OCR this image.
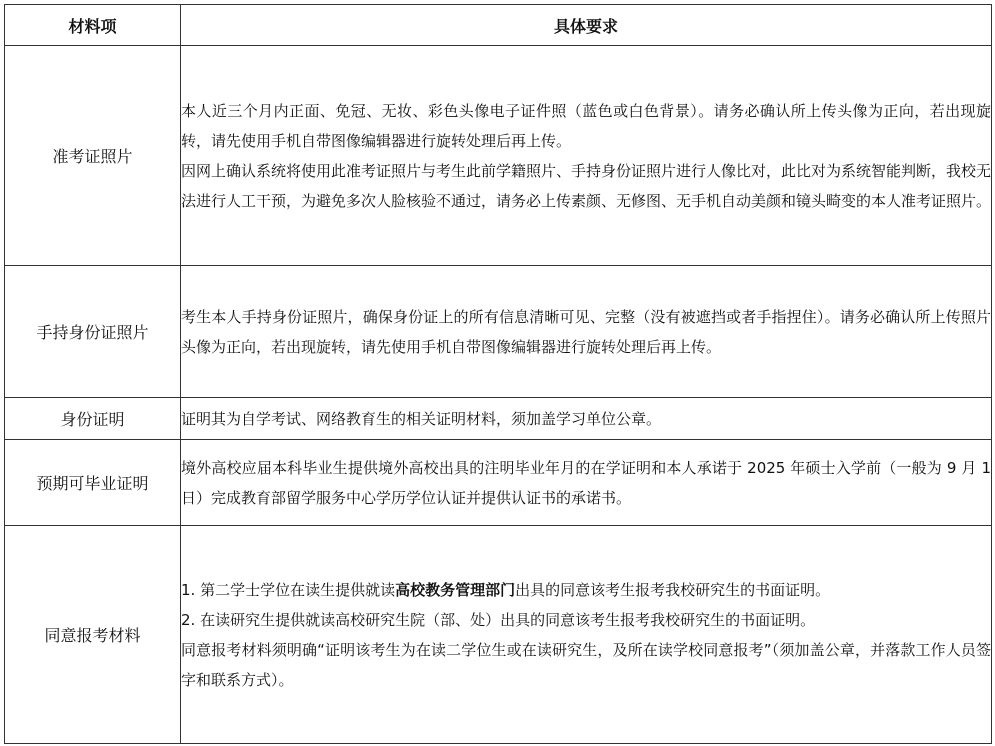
材料项	具体要求
准考证照片	本人近三个月内正面、免冠、无妆、彩色头像电子证件照（蓝色或白色背景）。请务必确认所上传头像为正向，若出现旋转，请先使用手机自带图像编辑器进行旋转处理后再上传。

因网上确认系统将使用此准考证照片与考生此前学籍照片、手持身份证照片进行人像比对，此比对为系统智能判断，我校无法进行人工干预，为避免多次人脸核验不通过，请务必上传素颜、无修图、无手机自动美颜和镜头畸变的本人准考证照片。

手持身份证照片	考生本人手持身份证照片，确保身份证上的所有信息清晰可见、完整（没有被遮挡或者手指捏住）。请务必确认所上传照片头像为正向，若出现旋转，请先使用手机自带图像编辑器进行旋转处理后再上传。

身份证明	证明其为自学考试、网络教育生的相关证明材料，须加盖学习单位公章。

预期可毕业证明	境外高校应届本科毕业生提供境外高校出具的注明毕业年月的在学证明和本人承诺于 2025 年硕士入学前（一般为 9 月 1 日）完成教育部留学服务中心学历学位认证并提供认证书的承诺书。

同意报考材料	1. 第二学士学位在读生提供就读高校教务管理部门出具的同意该考生报考我校研究生的书面证明。

2. 在读研究生提供就读高校研究生院（部、处）出具的同意该考生报考我校研究生的书面证明。

同意报考材料须明确“证明该考生为在读二学位生或在读研究生，及所在读学校同意报考”（须加盖公章，并落款工作人员签字和联系方式）。
